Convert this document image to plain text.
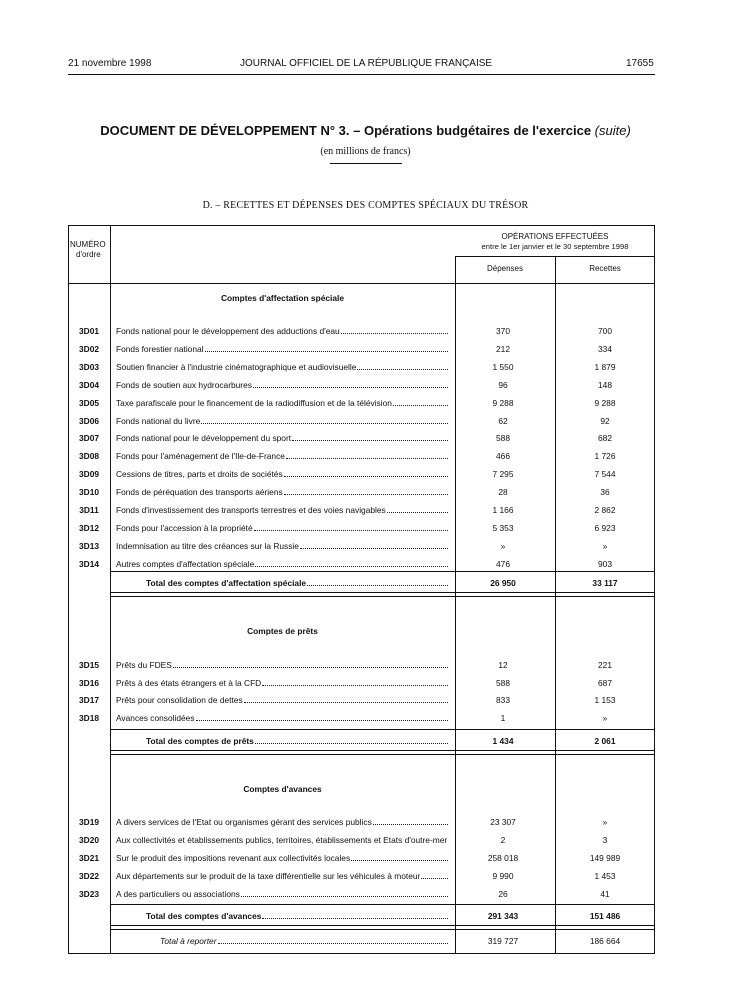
21 novembre 1998	JOURNAL OFFICIEL DE LA RÉPUBLIQUE FRANÇAISE	17655
DOCUMENT DE DÉVELOPPEMENT N° 3. – Opérations budgétaires de l'exercice (suite)
(en millions de francs)
D. – RECETTES ET DÉPENSES DES COMPTES SPÉCIAUX DU TRÉSOR
NUMÉRO
d'ordre
OPÉRATIONS EFFECTUÉES
entre le 1er janvier et le 30 septembre 1998
Dépenses	Recettes
Comptes d'affectation spéciale
3D01	Fonds national pour le développement des adductions d'eau	370	700
3D02	Fonds forestier national	212	334
3D03	Soutien financier à l'industrie cinématographique et audiovisuelle	1 550	1 879
3D04	Fonds de soutien aux hydrocarbures	96	148
3D05	Taxe parafiscale pour le financement de la radiodiffusion et de la télévision	9 288	9 288
3D06	Fonds national du livre	62	92
3D07	Fonds national pour le développement du sport	588	682
3D08	Fonds pour l'aménagement de l'Ile-de-France	466	1 726
3D09	Cessions de titres, parts et droits de sociétés	7 295	7 544
3D10	Fonds de péréquation des transports aériens	28	36
3D11	Fonds d'investissement des transports terrestres et des voies navigables	1 166	2 862
3D12	Fonds pour l'accession à la propriété	5 353	6 923
3D13	Indemnisation au titre des créances sur la Russie	»	»
3D14	Autres comptes d'affectation spéciale	476	903
Total des comptes d'affectation spéciale	26 950	33 117
Comptes de prêts
3D15	Prêts du FDES	12	221
3D16	Prêts à des états étrangers et à la CFD	588	687
3D17	Prêts pour consolidation de dettes	833	1 153
3D18	Avances consolidées	1	»
Total des comptes de prêts	1 434	2 061
Comptes d'avances
3D19	A divers services de l'Etat ou organismes gérant des services publics	23 307	»
3D20	Aux collectivités et établissements publics, territoires, établissements et Etats d'outre-mer	2	3
3D21	Sur le produit des impositions revenant aux collectivités locales	258 018	149 989
3D22	Aux départements sur le produit de la taxe différentielle sur les véhicules à moteur	9 990	1 453
3D23	A des particuliers ou associations	26	41
Total des comptes d'avances	291 343	151 486
Total à reporter	319 727	186 664
